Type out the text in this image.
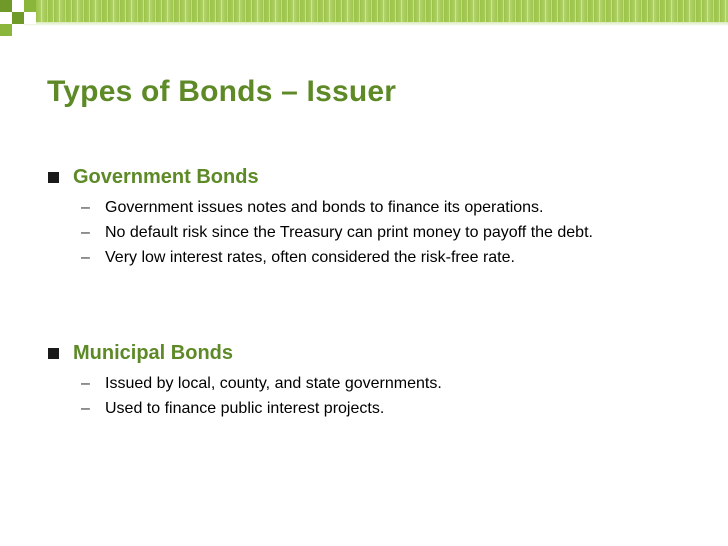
Types of Bonds – Issuer
Government Bonds
– Government issues notes and bonds to finance its operations.
– No default risk since the Treasury can print money to payoff the debt.
– Very low interest rates, often considered the risk-free rate.
Municipal Bonds
– Issued by local, county, and state governments.
– Used to finance public interest projects.
